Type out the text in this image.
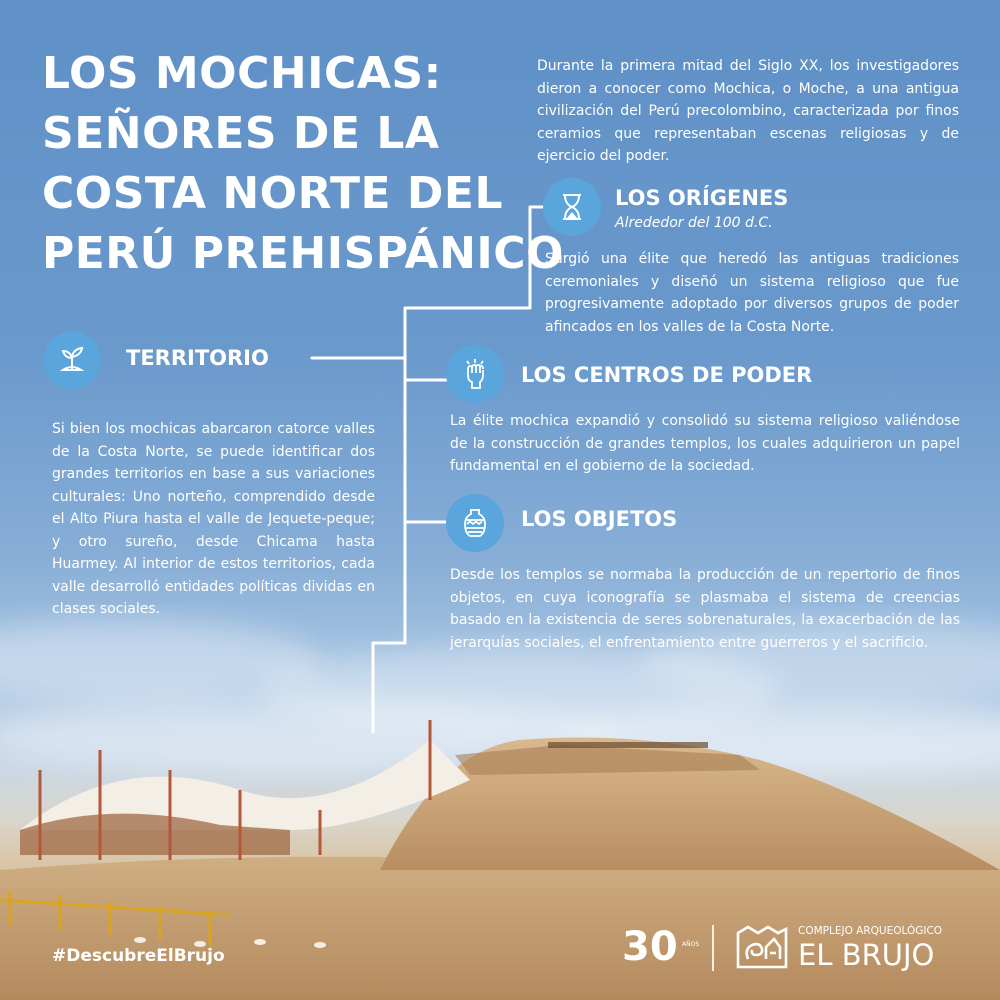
LOS MOCHICAS:
SEÑORES DE LA
COSTA NORTE DEL
PERÚ PREHISPÁNICO

Durante la primera mitad del Siglo XX, los investigadores dieron a conocer como Mochica, o Moche, a una antigua civilización del Perú precolombino, caracterizada por finos ceramios que representaban escenas religiosas y de ejercicio del poder.

LOS ORÍGENES
Alrededor del 100 d.C.

Surgió una élite que heredó las antiguas tradiciones ceremoniales y diseñó un sistema religioso que fue progresivamente adoptado por diversos grupos de poder afincados en los valles de la Costa Norte.

TERRITORIO

Si bien los mochicas abarcaron catorce valles de la Costa Norte, se puede identificar dos grandes territorios en base a sus variaciones culturales: Uno norteño, comprendido desde el Alto Piura hasta el valle de Jequete-peque; y otro sureño, desde Chicama hasta Huarmey. Al interior de estos territorios, cada valle desarrolló entidades políticas dividas en clases sociales.

LOS CENTROS DE PODER

La élite mochica expandió y consolidó su sistema religioso valiéndose de la construcción de grandes templos, los cuales adquirieron un papel fundamental en el gobierno de la sociedad.

LOS OBJETOS

Desde los templos se normaba la producción de un repertorio de finos objetos, en cuya iconografía se plasmaba el sistema de creencias basado en la existencia de seres sobrenaturales, la exacerbación de las jerarquías sociales, el enfrentamiento entre guerreros y el sacrificio.

#DescubreElBrujo	30 AÑOS
COMPLEJO ARQUEOLÓGICO
EL BRUJO
